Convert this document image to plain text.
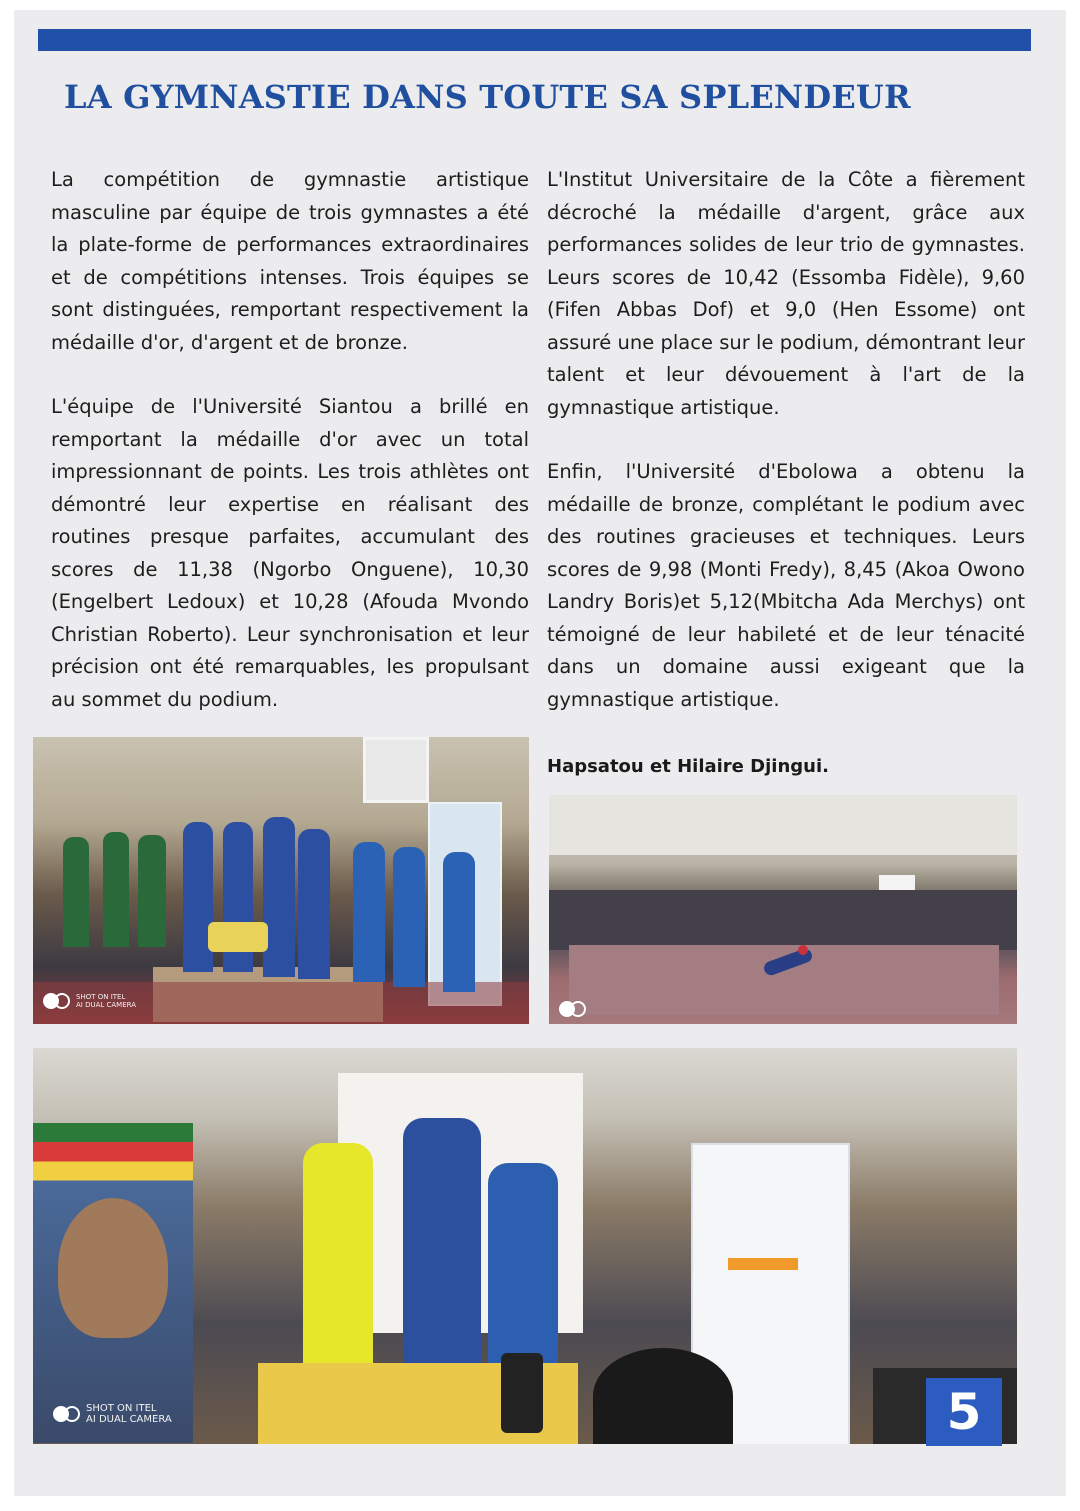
LA GYMNASTIE DANS TOUTE SA SPLENDEUR

La compétition de gymnastie artistique masculine par équipe de trois gymnastes a été la plate-forme de performances extraordinaires et de compétitions intenses. Trois équipes se sont distinguées, remportant respectivement la médaille d'or, d'argent et de bronze.

L'équipe de l'Université Siantou a brillé en remportant la médaille d'or avec un total impressionnant de points. Les trois athlètes ont démontré leur expertise en réalisant des routines presque parfaites, accumulant des scores de 11,38 (Ngorbo Onguene), 10,30 (Engelbert Ledoux) et 10,28 (Afouda Mvondo Christian Roberto). Leur synchronisation et leur précision ont été remarquables, les propulsant au sommet du podium.

L'Institut Universitaire de la Côte a fièrement décroché la médaille d'argent, grâce aux performances solides de leur trio de gymnastes. Leurs scores de 10,42 (Essomba Fidèle), 9,60 (Fifen Abbas Dof) et 9,0 (Hen Essome) ont assuré une place sur le podium, démontrant leur talent et leur dévouement à l'art de la gymnastique artistique.

Enfin, l'Université d'Ebolowa a obtenu la médaille de bronze, complétant le podium avec des routines gracieuses et techniques. Leurs scores de 9,98 (Monti Fredy), 8,45 (Akoa Owono Landry Boris)et 5,12(Mbitcha Ada Merchys) ont témoigné de leur habileté et de leur ténacité dans un domaine aussi exigeant que la gymnastique artistique.

Hapsatou et Hilaire Djingui.
SHOT ON ITEL
AI DUAL CAMERA
SHOT ON ITEL
AI DUAL CAMERA	5
